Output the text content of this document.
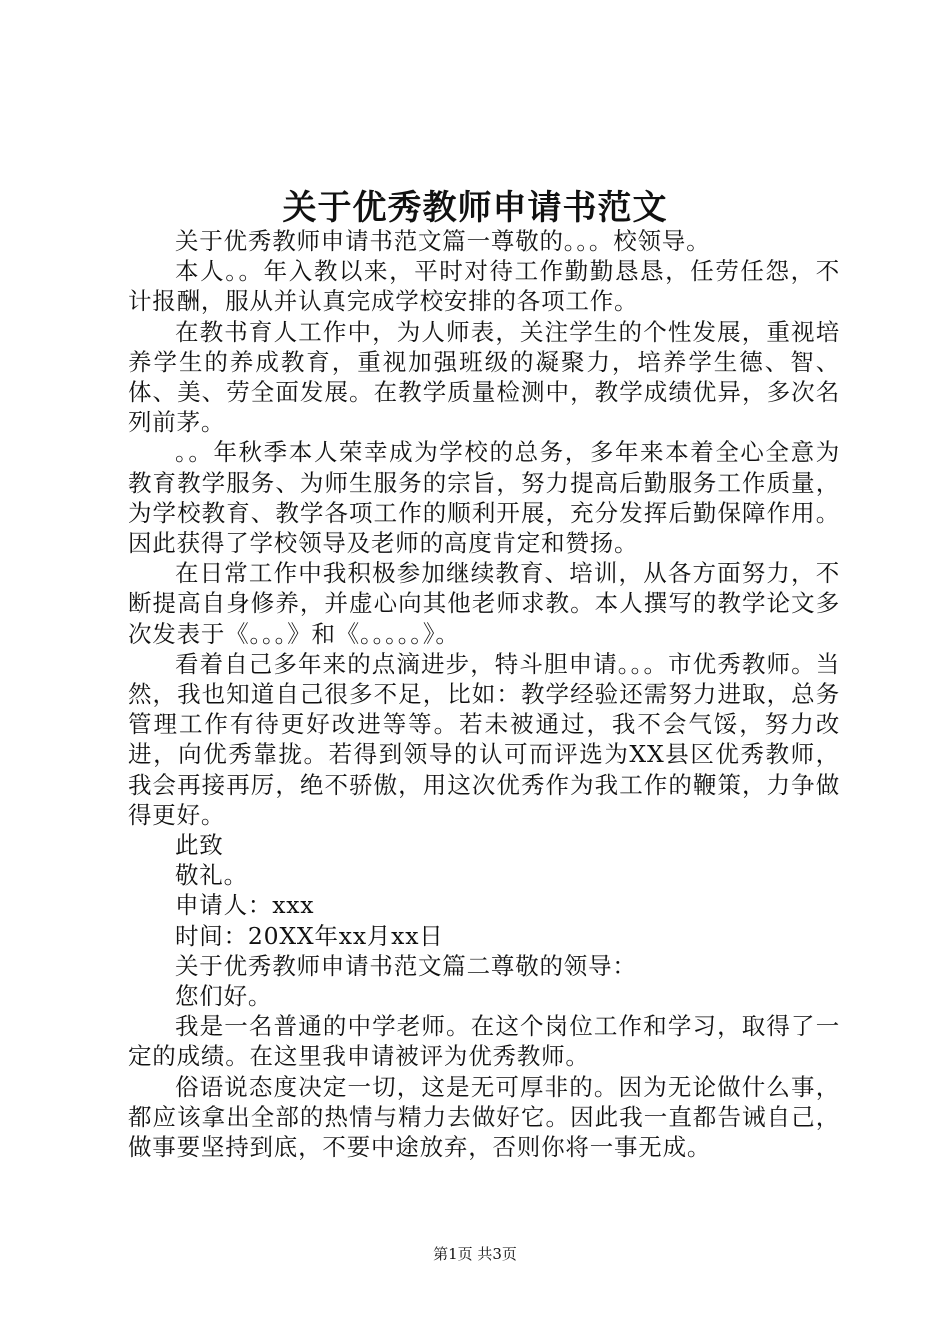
关于优秀教师申请书范文

关于优秀教师申请书范文篇一尊敬的。。。校领导。

本人。。年入教以来，平时对待工作勤勤恳恳，任劳任怨，不计报酬，服从并认真完成学校安排的各项工作。

在教书育人工作中，为人师表，关注学生的个性发展，重视培养学生的养成教育，重视加强班级的凝聚力，培养学生德、智、体、美、劳全面发展。在教学质量检测中，教学成绩优异，多次名列前茅。

。。年秋季本人荣幸成为学校的总务，多年来本着全心全意为教育教学服务、为师生服务的宗旨，努力提高后勤服务工作质量，为学校教育、教学各项工作的顺利开展，充分发挥后勤保障作用。因此获得了学校领导及老师的高度肯定和赞扬。

在日常工作中我积极参加继续教育、培训，从各方面努力，不断提高自身修养，并虚心向其他老师求教。本人撰写的教学论文多次发表于《。。。》和《。。。。。》。

看着自己多年来的点滴进步，特斗胆申请。。。市优秀教师。当然，我也知道自己很多不足，比如：教学经验还需努力进取，总务管理工作有待更好改进等等。若未被通过，我不会气馁，努力改进，向优秀靠拢。若得到领导的认可而评选为XX县区优秀教师，我会再接再厉，绝不骄傲，用这次优秀作为我工作的鞭策，力争做得更好。

此致

敬礼。

申请人：xxx

时间：20XX年xx月xx日

关于优秀教师申请书范文篇二尊敬的领导：

您们好。

我是一名普通的中学老师。在这个岗位工作和学习，取得了一定的成绩。在这里我申请被评为优秀教师。

俗语说态度决定一切，这是无可厚非的。因为无论做什么事，都应该拿出全部的热情与精力去做好它。因此我一直都告诫自己，做事要坚持到底，不要中途放弃，否则你将一事无成。

第1页 共3页
